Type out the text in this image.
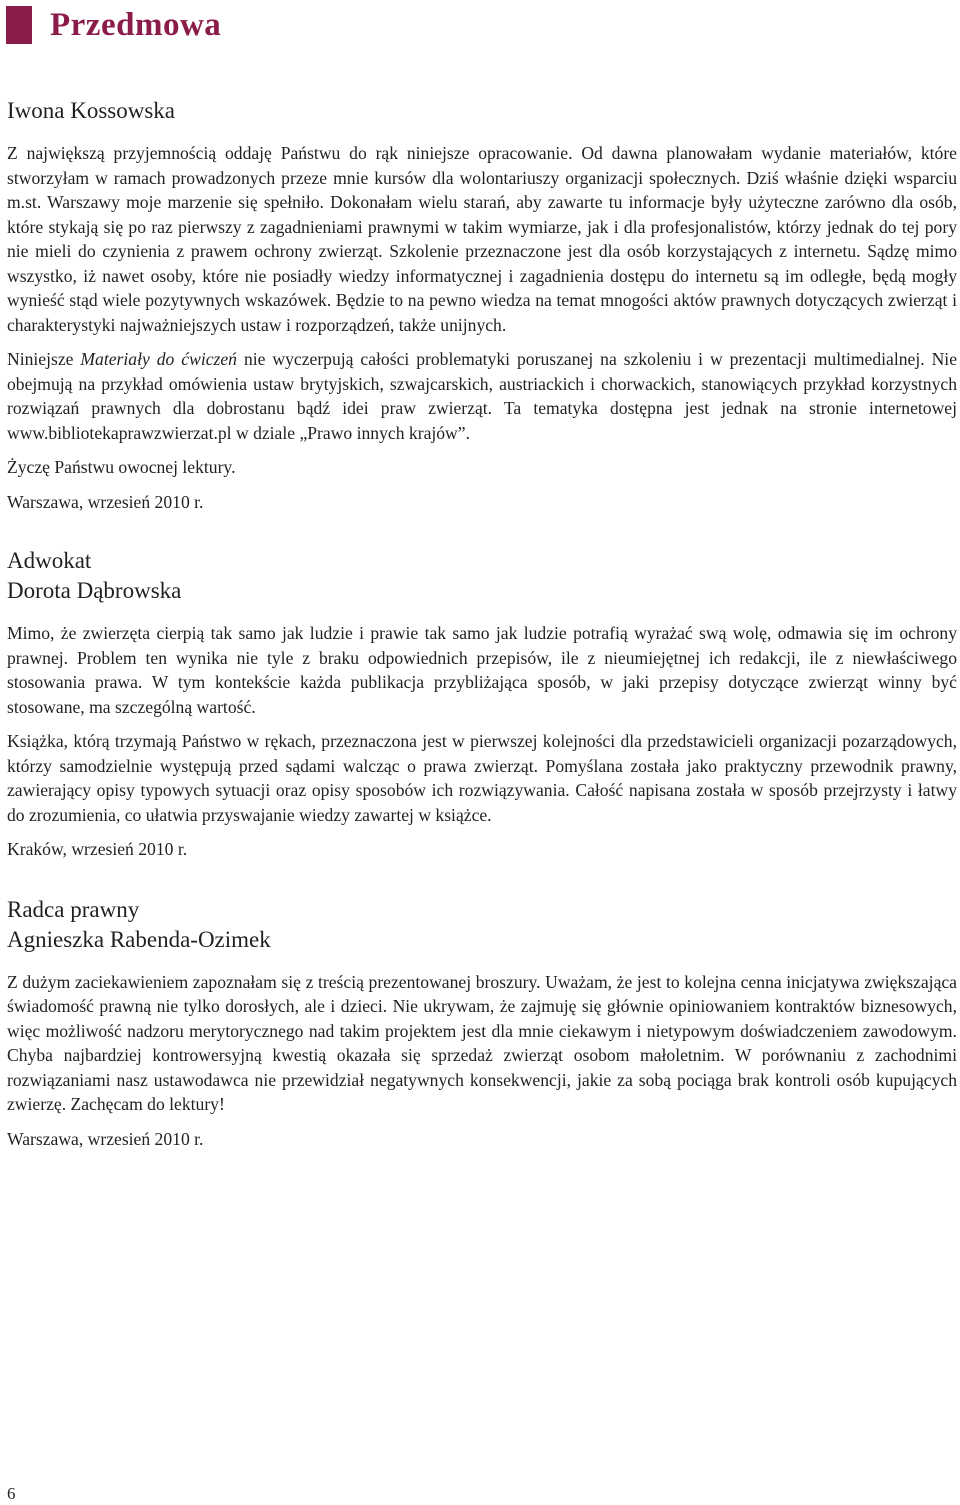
Przedmowa
Iwona Kossowska

Z największą przyjemnością oddaję Państwu do rąk niniejsze opracowanie. Od dawna planowałam wydanie materiałów, które stworzyłam w ramach prowadzonych przeze mnie kursów dla wolontariuszy organizacji społecznych. Dziś właśnie dzięki wsparciu m.st. Warszawy moje marzenie się spełniło. Dokonałam wielu starań, aby zawarte tu informacje były użyteczne zarówno dla osób, które stykają się po raz pierwszy z zagadnieniami prawnymi w takim wymiarze, jak i dla profesjonalistów, którzy jednak do tej pory nie mieli do czynienia z prawem ochrony zwierząt. Szkolenie przeznaczone jest dla osób korzystających z internetu. Sądzę mimo wszystko, iż nawet osoby, które nie posiadły wiedzy informatycznej i zagadnienia dostępu do internetu są im odległe, będą mogły wynieść stąd wiele pozytywnych wskazówek. Będzie to na pewno wiedza na temat mnogości aktów prawnych dotyczących zwierząt i charakterystyki najważniejszych ustaw i rozporządzeń, także unijnych.

Niniejsze Materiały do ćwiczeń nie wyczerpują całości problematyki poruszanej na szkoleniu i w prezentacji multimedialnej. Nie obejmują na przykład omówienia ustaw brytyjskich, szwajcarskich, austriackich i chorwackich, stanowiących przykład korzystnych rozwiązań prawnych dla dobrostanu bądź idei praw zwierząt. Ta tematyka dostępna jest jednak na stronie internetowej www.bibliotekaprawzwierzat.pl w dziale „Prawo innych krajów”.

Życzę Państwu owocnej lektury.

Warszawa, wrzesień 2010 r.

Adwokat
Dorota Dąbrowska

Mimo, że zwierzęta cierpią tak samo jak ludzie i prawie tak samo jak ludzie potrafią wyrażać swą wolę, odmawia się im ochrony prawnej. Problem ten wynika nie tyle z braku odpowiednich przepisów, ile z nieumiejętnej ich redakcji, ile z niewłaściwego stosowania prawa. W tym kontekście każda publikacja przybliżająca sposób, w jaki przepisy dotyczące zwierząt winny być stosowane, ma szczególną wartość.

Książka, którą trzymają Państwo w rękach, przeznaczona jest w pierwszej kolejności dla przedstawicieli organizacji pozarządowych, którzy samodzielnie występują przed sądami walcząc o prawa zwierząt. Pomyślana została jako praktyczny przewodnik prawny, zawierający opisy typowych sytuacji oraz opisy sposobów ich rozwiązywania. Całość napisana została w sposób przejrzysty i łatwy do zrozumienia, co ułatwia przyswajanie wiedzy zawartej w książce.

Kraków, wrzesień 2010 r.

Radca prawny
Agnieszka Rabenda-Ozimek

Z dużym zaciekawieniem zapoznałam się z treścią prezentowanej broszury. Uważam, że jest to kolejna cenna inicjatywa zwiększająca świadomość prawną nie tylko dorosłych, ale i dzieci. Nie ukrywam, że zajmuję się głównie opiniowaniem kontraktów biznesowych, więc możliwość nadzoru merytorycznego nad takim projektem jest dla mnie ciekawym i nietypowym doświadczeniem zawodowym. Chyba najbardziej kontrowersyjną kwestią okazała się sprzedaż zwierząt osobom małoletnim. W porównaniu z zachodnimi rozwiązaniami nasz ustawodawca nie przewidział negatywnych konsekwencji, jakie za sobą pociąga brak kontroli osób kupujących zwierzę. Zachęcam do lektury!

Warszawa, wrzesień 2010 r.

6
